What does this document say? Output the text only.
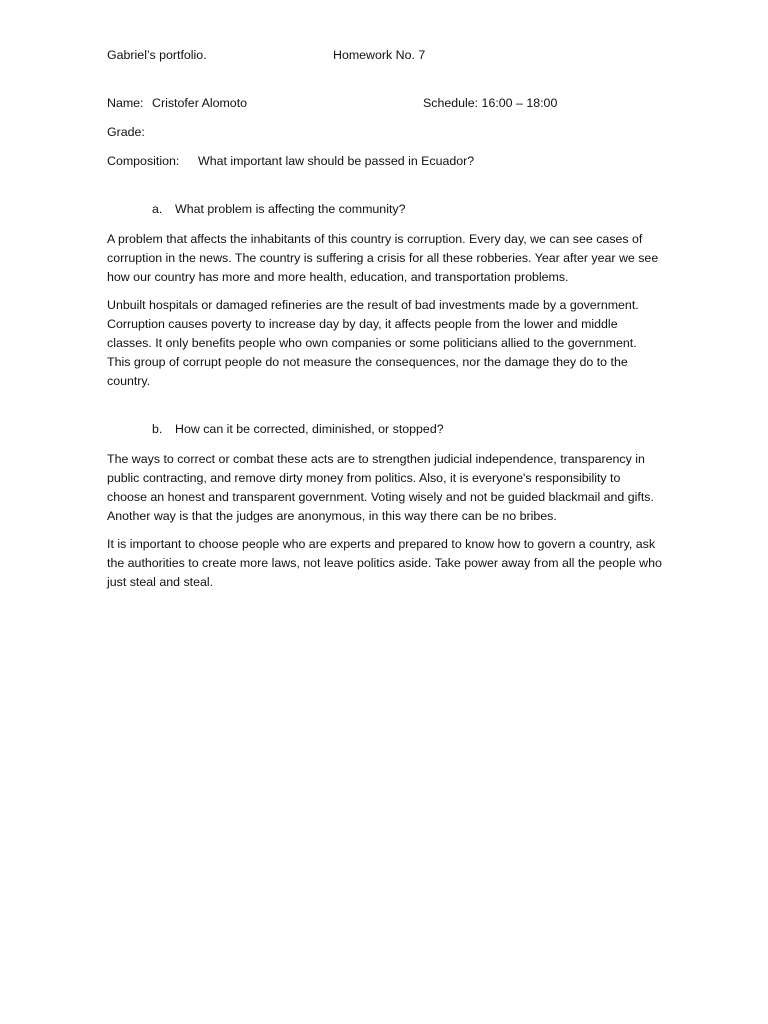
Gabriel’s portfolio.	Homework No. 7
Name: Cristofer Alomoto	Schedule: 16:00 – 18:00
Grade:
Composition: What important law should be passed in Ecuador?
a. What problem is affecting the community?

A problem that affects the inhabitants of this country is corruption. Every day, we can see cases of corruption in the news. The country is suffering a crisis for all these robberies. Year after year we see how our country has more and more health, education, and transportation problems.

Unbuilt hospitals or damaged refineries are the result of bad investments made by a government. Corruption causes poverty to increase day by day, it affects people from the lower and middle classes. It only benefits people who own companies or some politicians allied to the government. This group of corrupt people do not measure the consequences, nor the damage they do to the country.

b. How can it be corrected, diminished, or stopped?

The ways to correct or combat these acts are to strengthen judicial independence, transparency in public contracting, and remove dirty money from politics. Also, it is everyone's responsibility to choose an honest and transparent government. Voting wisely and not be guided blackmail and gifts. Another way is that the judges are anonymous, in this way there can be no bribes.

It is important to choose people who are experts and prepared to know how to govern a country, ask the authorities to create more laws, not leave politics aside. Take power away from all the people who just steal and steal.
